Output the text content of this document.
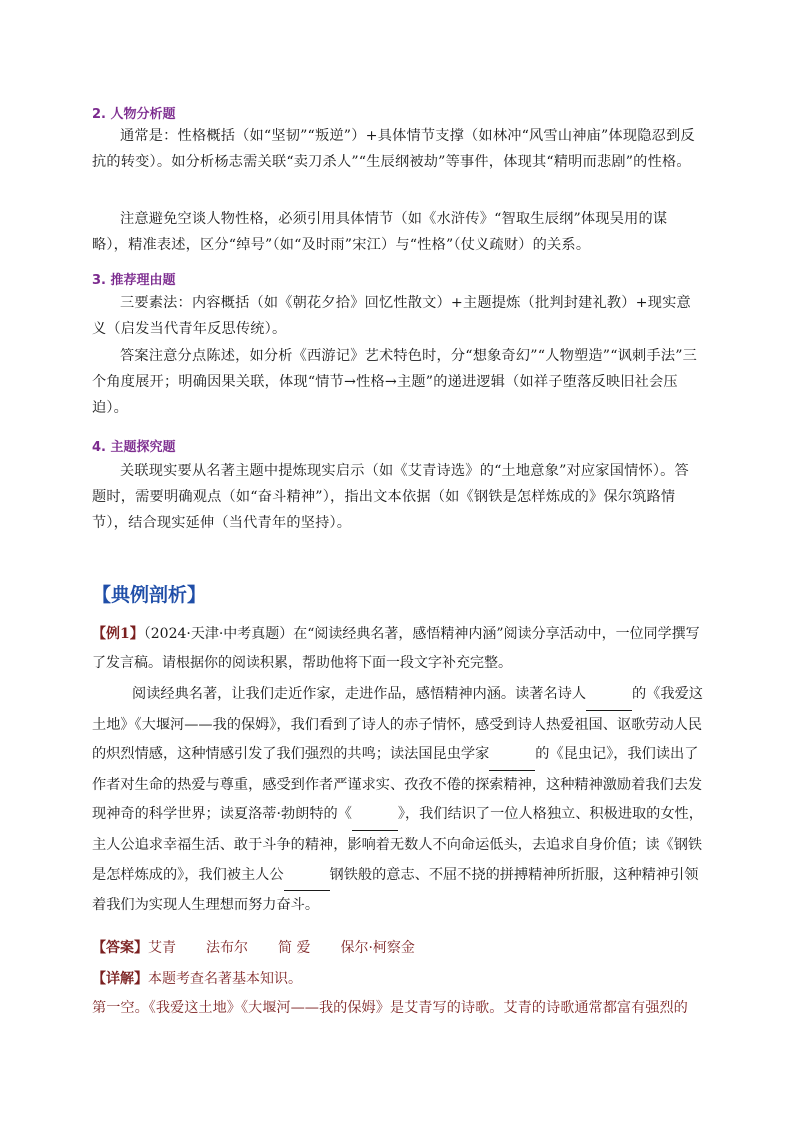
2. 人物分析题
通常是：性格概括（如“坚韧”“叛逆”）+具体情节支撑（如林冲“风雪山神庙”体现隐忍到反抗的转变）。如分析杨志需关联“卖刀杀人”“生辰纲被劫”等事件，体现其“精明而悲剧”的性格。
注意避免空谈人物性格，必须引用具体情节（如《水浒传》“智取生辰纲”体现吴用的谋略），精准表述，区分“绰号”（如“及时雨”宋江）与“性格”（仗义疏财）的关系。
3. 推荐理由题
三要素法：内容概括（如《朝花夕拾》回忆性散文）+主题提炼（批判封建礼教）+现实意义（启发当代青年反思传统）。
答案注意分点陈述，如分析《西游记》艺术特色时，分“想象奇幻”“人物塑造”“讽刺手法”三个角度展开；明确因果关联，体现“情节→性格→主题”的递进逻辑（如祥子堕落反映旧社会压迫）。
4. 主题探究题
关联现实要从名著主题中提炼现实启示（如《艾青诗选》的“土地意象”对应家国情怀）。答题时，需要明确观点（如“奋斗精神”），指出文本依据（如《钢铁是怎样炼成的》保尔筑路情节），结合现实延伸（当代青年的坚持）。
【典例剖析】
【例1】（2024·天津·中考真题）在“阅读经典名著，感悟精神内涵”阅读分享活动中，一位同学撰写了发言稿。请根据你的阅读积累，帮助他将下面一段文字补充完整。
阅读经典名著，让我们走近作家，走进作品，感悟精神内涵。读著名诗人	的《我爱这土地》《大堰河——我的保姆》，我们看到了诗人的赤子情怀，感受到诗人热爱祖国、讴歌劳动人民的炽烈情感，这种情感引发了我们强烈的共鸣；读法国昆虫学家	的《昆虫记》，我们读出了作者对生命的热爱与尊重，感受到作者严谨求实、孜孜不倦的探索精神，这种精神激励着我们去发现神奇的科学世界；读夏洛蒂·勃朗特的《	》，我们结识了一位人格独立、积极进取的女性，主人公追求幸福生活、敢于斗争的精神，影响着无数人不向命运低头，去追求自身价值；读《钢铁是怎样炼成的》，我们被主人公	钢铁般的意志、不屈不挠的拼搏精神所折服，这种精神引领着我们为实现人生理想而努力奋斗。
【答案】艾青 法布尔 简 爱 保尔·柯察金
【详解】本题考查名著基本知识。
第一空。《我爱这土地》《大堰河——我的保姆》是艾青写的诗歌。艾青的诗歌通常都富有强烈的
